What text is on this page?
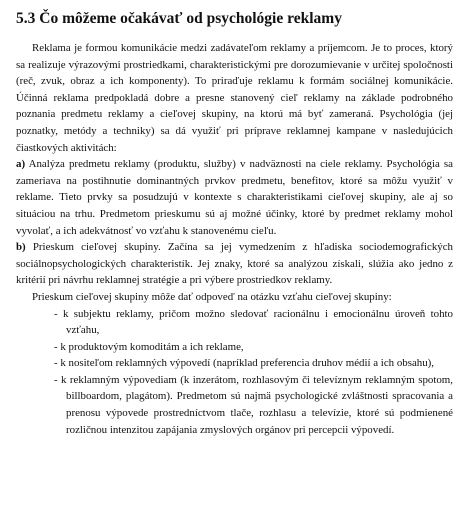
5.3 Čo môžeme očakávať od psychológie reklamy

Reklama je formou komunikácie medzi zadávateľom reklamy a príjemcom. Je to proces, ktorý sa realizuje výrazovými prostriedkami, charakteristickými pre dorozumievanie v určitej spoločnosti (reč, zvuk, obraz a ich komponenty). To priraďuje reklamu k formám sociálnej komunikácie. Účinná reklama predpokladá dobre a presne stanovený cieľ reklamy na základe podrobného poznania predmetu reklamy a cieľovej skupiny, na ktorú má byť zameraná. Psychológia (jej poznatky, metódy a techniky) sa dá využiť pri príprave reklamnej kampane v nasledujúcich čiastkových aktivitách:

a) Analýza predmetu reklamy (produktu, služby) v nadväznosti na ciele reklamy. Psychológia sa zameriava na postihnutie dominantných prvkov predmetu, benefitov, ktoré sa môžu využiť v reklame. Tieto prvky sa posudzujú v kontexte s charakteristikami cieľovej skupiny, ale aj so situáciou na trhu. Predmetom prieskumu sú aj možné účinky, ktoré by predmet reklamy mohol vyvolať, a ich adekvátnosť vo vzťahu k stanovenému cieľu.

b) Prieskum cieľovej skupiny. Začína sa jej vymedzením z hľadiska sociodemografických sociálnopsychologických charakteristík. Jej znaky, ktoré sa analýzou získali, slúžia ako jedno z kritérií pri návrhu reklamnej stratégie a pri výbere prostriedkov reklamy.

Prieskum cieľovej skupiny môže dať odpoveď na otázku vzťahu cieľovej skupiny:

- k subjektu reklamy, pričom možno sledovať racionálnu i emocionálnu úroveň tohto vzťahu,
- k produktovým komoditám a ich reklame,
- k nositeľom reklamných výpovedí (napríklad preferencia druhov médií a ich obsahu),
- k reklamným výpovediam (k inzerátom, rozhlasovým či televíznym reklamným spotom, billboardom, plagátom). Predmetom sú najmä psychologické zvláštnosti spracovania a prenosu výpovede prostredníctvom tlače, rozhlasu a televízie, ktoré sú podmienené rozličnou intenzitou zapájania zmyslových orgánov pri percepcii výpovedí.
